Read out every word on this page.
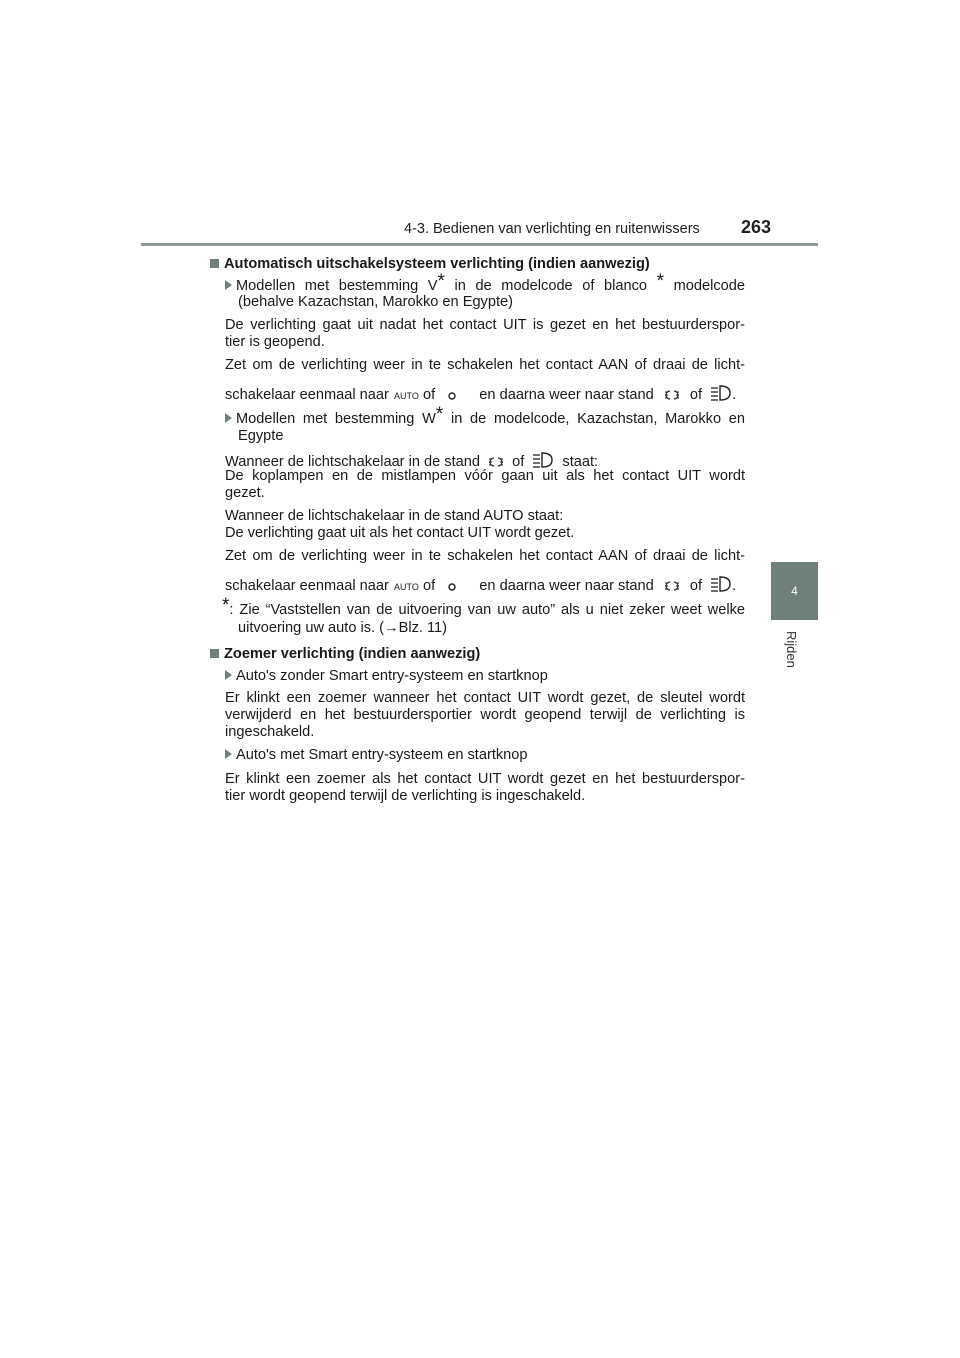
4-3. Bedienen van verlichting en ruitenwissers 263
4
Rijden
Automatisch uitschakelsysteem verlichting (indien aanwezig)
Modellen met bestemming V* in de modelcode of blanco * modelcode
(behalve Kazachstan, Marokko en Egypte)
De verlichting gaat uit nadat het contact UIT is gezet en het bestuurderspor-
tier is geopend.
Zet om de verlichting weer in te schakelen het contact AAN of draai de licht-
schakelaar eenmaal naar AUTO of	en daarna weer naar stand of .
Modellen met bestemming W* in de modelcode, Kazachstan, Marokko en
Egypte
Wanneer de lichtschakelaar in de stand of	staat:
De koplampen en de mistlampen vóór gaan uit als het contact UIT wordt
gezet.
Wanneer de lichtschakelaar in de stand AUTO staat:
De verlichting gaat uit als het contact UIT wordt gezet.
Zet om de verlichting weer in te schakelen het contact AAN of draai de licht-
schakelaar eenmaal naar AUTO of	en daarna weer naar stand of .
*: Zie “Vaststellen van de uitvoering van uw auto” als u niet zeker weet welke
uitvoering uw auto is. (→Blz. 11)
Zoemer verlichting (indien aanwezig)
Auto's zonder Smart entry-systeem en startknop
Er klinkt een zoemer wanneer het contact UIT wordt gezet, de sleutel wordt
verwijderd en het bestuurdersportier wordt geopend terwijl de verlichting is
ingeschakeld.
Auto's met Smart entry-systeem en startknop
Er klinkt een zoemer als het contact UIT wordt gezet en het bestuurderspor-
tier wordt geopend terwijl de verlichting is ingeschakeld.
